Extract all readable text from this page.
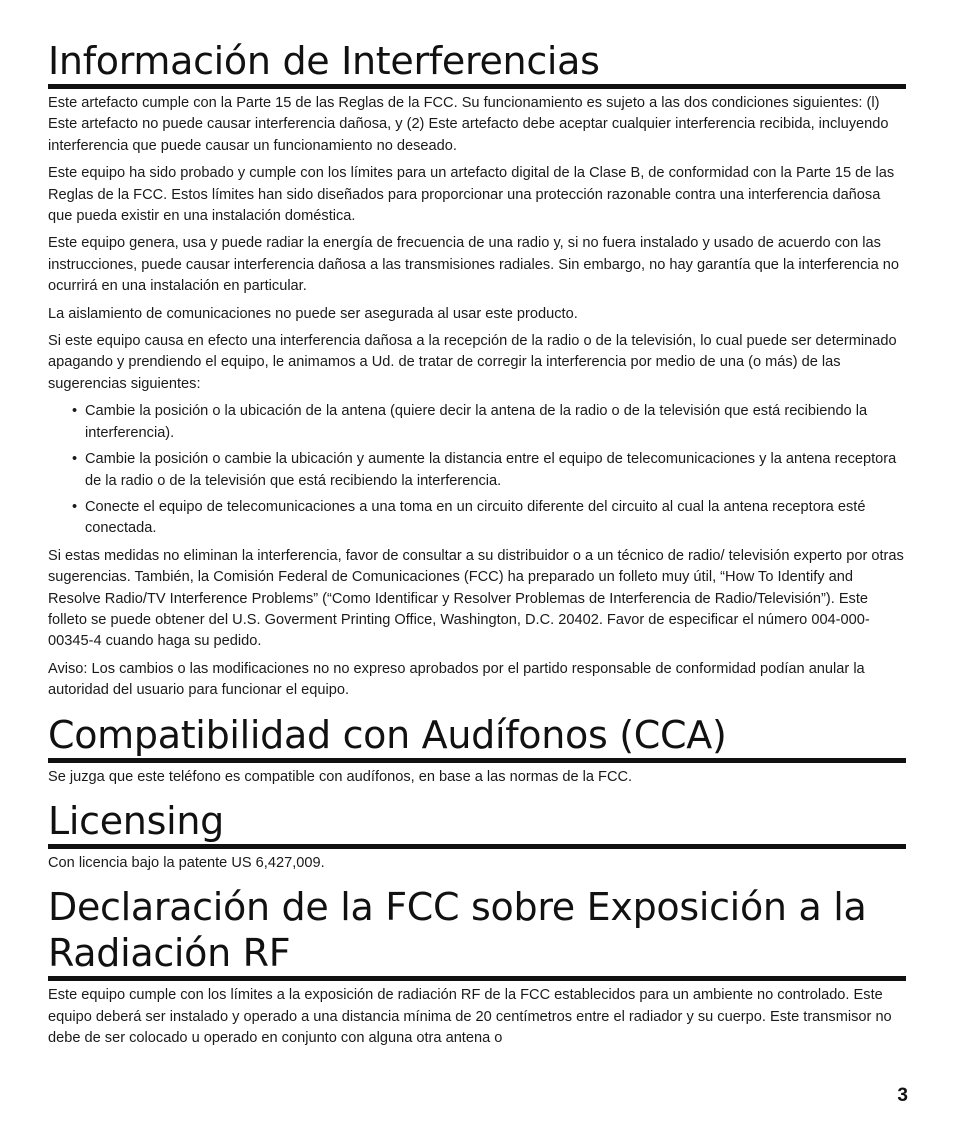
Información de Interferencias

Este artefacto cumple con la Parte 15 de las Reglas de la FCC. Su funcionamiento es sujeto a las dos condiciones siguientes: (l) Este artefacto no puede causar interferencia dañosa, y (2) Este artefacto debe aceptar cualquier interferencia recibida, incluyendo interferencia que puede causar un funcionamiento no deseado.

Este equipo ha sido probado y cumple con los límites para un artefacto digital de la Clase B, de conformidad con la Parte 15 de las Reglas de la FCC. Estos límites han sido diseñados para proporcionar una protección razonable contra una interferencia dañosa que pueda existir en una instalación doméstica.

Este equipo genera, usa y puede radiar la energía de frecuencia de una radio y, si no fuera instalado y usado de acuerdo con las instrucciones, puede causar interferencia dañosa a las transmisiones radiales. Sin embargo, no hay garantía que la interferencia no ocurrirá en una instalación en particular.

La aislamiento de comunicaciones no puede ser asegurada al usar este producto.

Si este equipo causa en efecto una interferencia dañosa a la recepción de la radio o de la televisión, lo cual puede ser determinado apagando y prendiendo el equipo, le animamos a Ud. de tratar de corregir la interferencia por medio de una (o más) de las sugerencias siguientes:

• Cambie la posición o la ubicación de la antena (quiere decir la antena de la radio o de la televisión que está recibiendo la interferencia).
• Cambie la posición o cambie la ubicación y aumente la distancia entre el equipo de telecomunicaciones y la antena receptora de la radio o de la televisión que está recibiendo la interferencia.
• Conecte el equipo de telecomunicaciones a una toma en un circuito diferente del circuito al cual la antena receptora esté conectada.

Si estas medidas no eliminan la interferencia, favor de consultar a su distribuidor o a un técnico de radio/ televisión experto por otras sugerencias. También, la Comisión Federal de Comunicaciones (FCC) ha preparado un folleto muy útil, “How To Identify and Resolve Radio/TV Interference Problems” (“Como Identificar y Resolver Problemas de Interferencia de Radio/Televisión”). Este folleto se puede obtener del U.S. Goverment Printing Office, Washington, D.C. 20402. Favor de especificar el número 004-000-00345-4 cuando haga su pedido.

Aviso: Los cambios o las modificaciones no no expreso aprobados por el partido responsable de conformidad podían anular la autoridad del usuario para funcionar el equipo.

Compatibilidad con Audífonos (CCA)

Se juzga que este teléfono es compatible con audífonos, en base a las normas de la FCC.

Licensing

Con licencia bajo la patente US 6,427,009.

Declaración de la FCC sobre Exposición a la
Radiación RF

Este equipo cumple con los límites a la exposición de radiación RF de la FCC establecidos para un ambiente no controlado. Este equipo deberá ser instalado y operado a una distancia mínima de 20 centímetros entre el radiador y su cuerpo. Este transmisor no debe de ser colocado u operado en conjunto con alguna otra antena o

3
